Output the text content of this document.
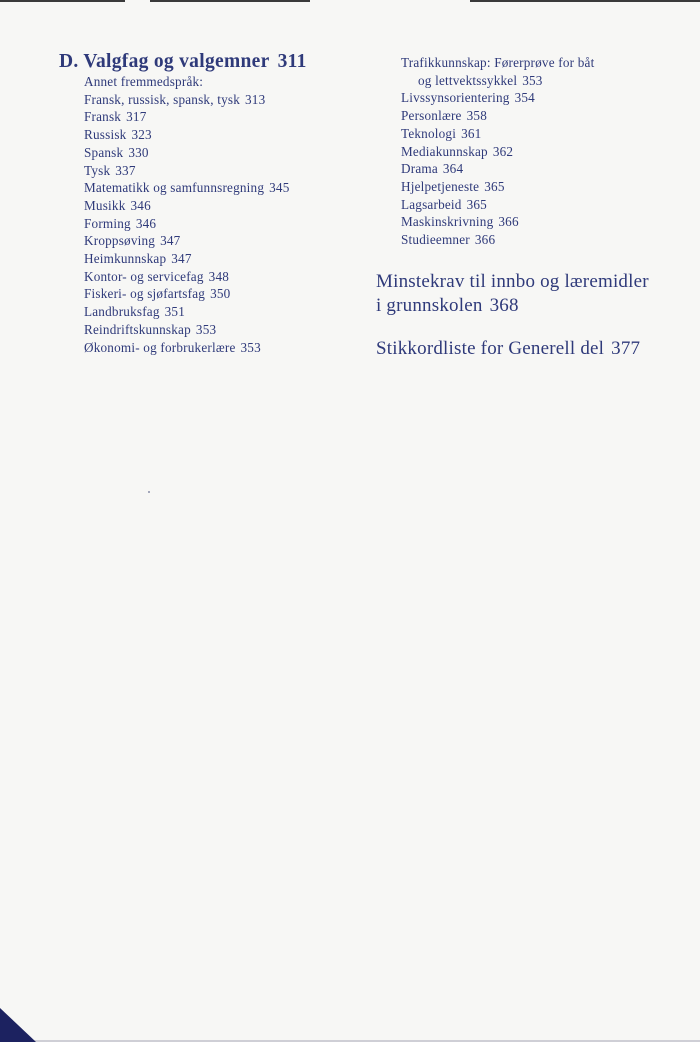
D. Valgfag og valgemner 311
Annet fremmedspråk:
Fransk, russisk, spansk, tysk 313
Fransk 317
Russisk 323
Spansk 330
Tysk 337
Matematikk og samfunnsregning 345
Musikk 346
Forming 346
Kroppsøving 347
Heimkunnskap 347
Kontor- og servicefag 348
Fiskeri- og sjøfartsfag 350
Landbruksfag 351
Reindriftskunnskap 353
Økonomi- og forbrukerlære 353
Trafikkunnskap: Førerprøve for båt
og lettvektssykkel 353
Livssynsorientering 354
Personlære 358
Teknologi 361
Mediakunnskap 362
Drama 364
Hjelpetjeneste 365
Lagsarbeid 365
Maskinskrivning 366
Studieemner 366

Minstekrav til innbo og læremidler

i grunnskolen 368

Stikkordliste for Generell del 377
